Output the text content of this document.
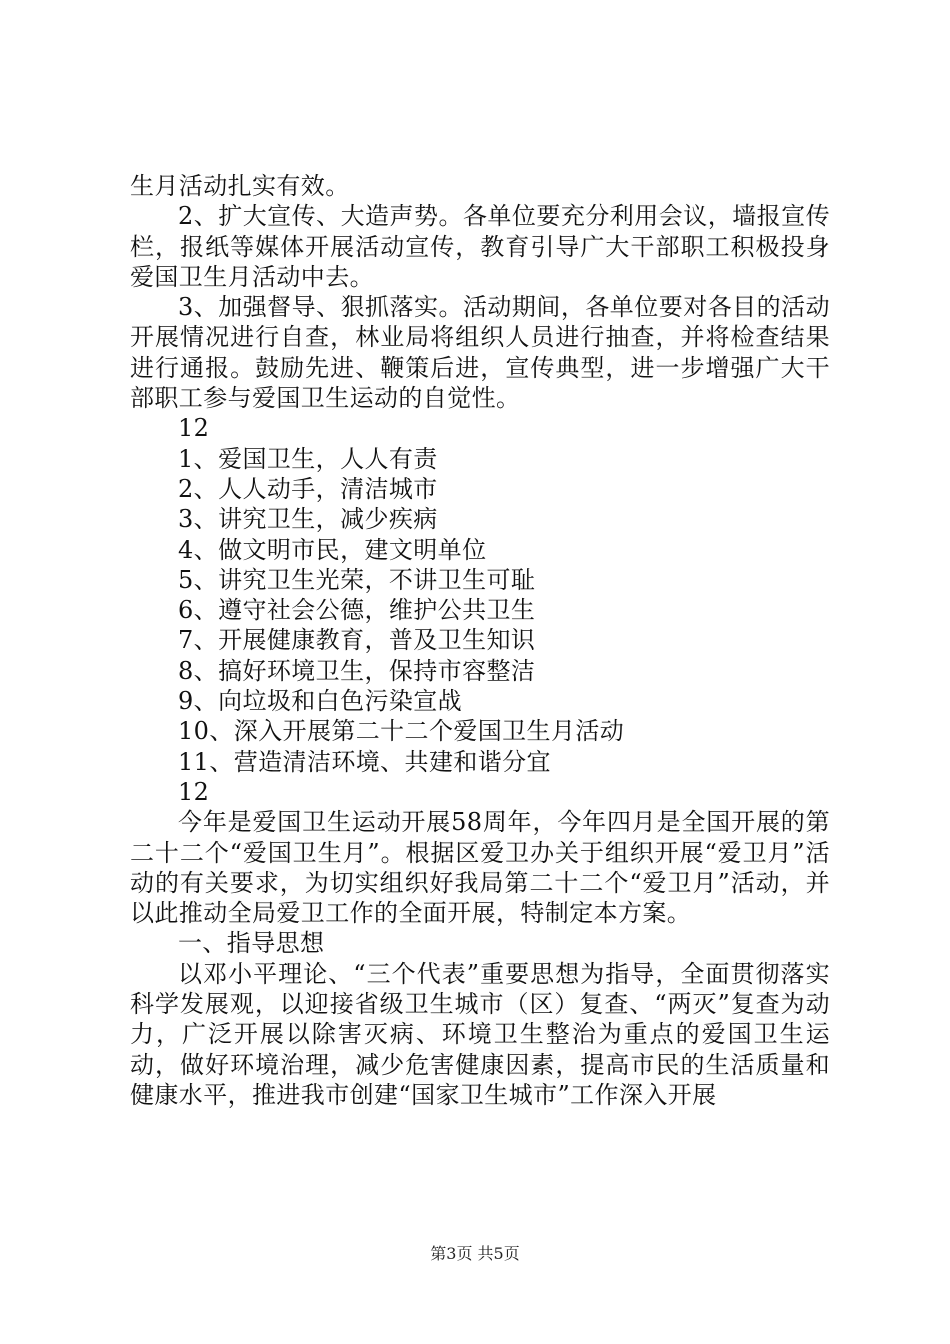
生月活动扎实有效。

2、扩大宣传、大造声势。各单位要充分利用会议，墙报宣传栏，报纸等媒体开展活动宣传，教育引导广大干部职工积极投身爱国卫生月活动中去。

3、加强督导、狠抓落实。活动期间，各单位要对各目的活动开展情况进行自查，林业局将组织人员进行抽查，并将检查结果进行通报。鼓励先进、鞭策后进，宣传典型，进一步增强广大干部职工参与爱国卫生运动的自觉性。

12

1、爱国卫生，人人有责

2、人人动手，清洁城市

3、讲究卫生，减少疾病

4、做文明市民，建文明单位

5、讲究卫生光荣，不讲卫生可耻

6、遵守社会公德，维护公共卫生

7、开展健康教育，普及卫生知识

8、搞好环境卫生，保持市容整洁

9、向垃圾和白色污染宣战

10、深入开展第二十二个爱国卫生月活动

11、营造清洁环境、共建和谐分宜

12

今年是爱国卫生运动开展58周年，今年四月是全国开展的第二十二个“爱国卫生月”。根据区爱卫办关于组织开展“爱卫月”活动的有关要求，为切实组织好我局第二十二个“爱卫月”活动，并以此推动全局爱卫工作的全面开展，特制定本方案。

一、指导思想

以邓小平理论、“三个代表”重要思想为指导，全面贯彻落实科学发展观，以迎接省级卫生城市（区）复查、“两灭”复查为动力，广泛开展以除害灭病、环境卫生整治为重点的爱国卫生运动，做好环境治理，减少危害健康因素，提高市民的生活质量和健康水平，推进我市创建“国家卫生城市”工作深入开展

第3页 共5页
